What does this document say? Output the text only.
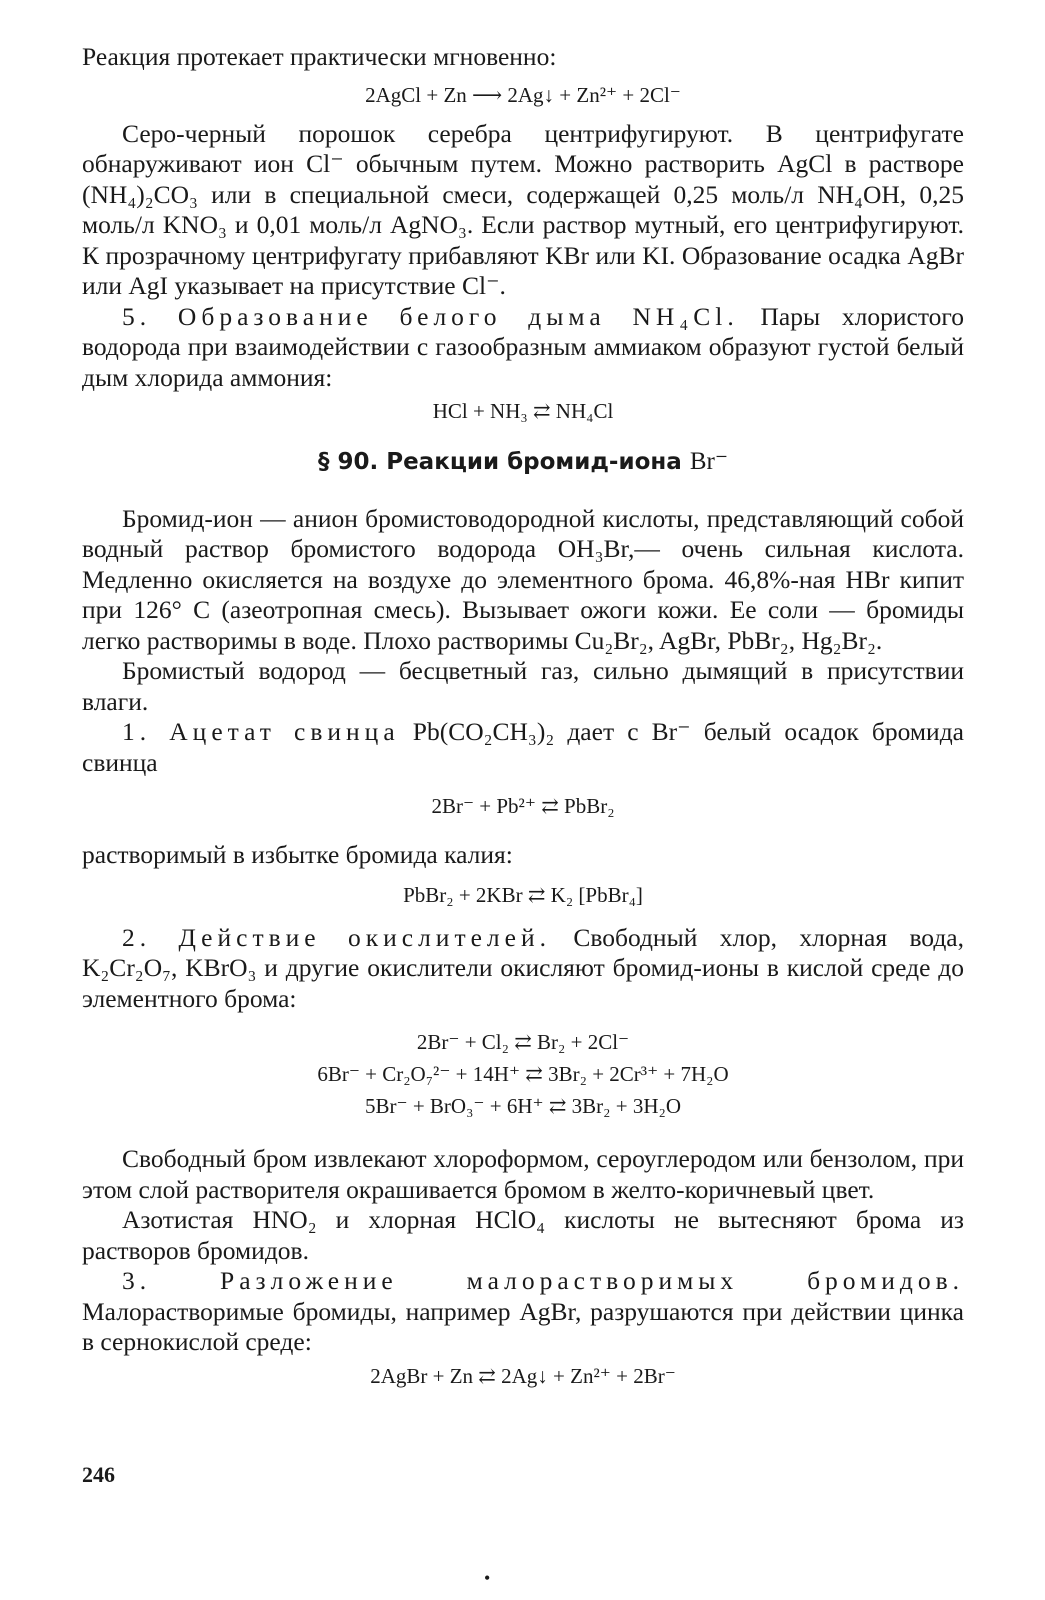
Реакция протекает практически мгновенно:

2AgCl + Zn ⟶ 2Ag↓ + Zn²⁺ + 2Cl⁻

Серо-черный порошок серебра центрифугируют. В центрифугате обнаруживают ион Cl⁻ обычным путем. Можно растворить AgCl в растворе (NH₄)₂CO₃ или в специальной смеси, содержащей 0,25 моль/л NH₄OH, 0,25 моль/л KNO₃ и 0,01 моль/л AgNO₃. Если раствор мутный, его центрифугируют. К прозрачному центрифугату прибавляют KBr или KI. Образование осадка AgBr или AgI указывает на присутствие Cl⁻.

5. Образование белого дыма NH₄Cl. Пары хлористого водорода при взаимодействии с газообразным аммиаком образуют густой белый дым хлорида аммония:

HCl + NH₃ ⇄ NH₄Cl
§ 90. Реакции бромид-иона Br⁻

Бромид-ион — анион бромистоводородной кислоты, представляющий собой водный раствор бромистого водорода OH₃Br,— очень сильная кислота. Медленно окисляется на воздухе до элементного брома. 46,8%-ная HBr кипит при 126° C (азеотропная смесь). Вызывает ожоги кожи. Ее соли — бромиды легко растворимы в воде. Плохо растворимы Cu₂Br₂, AgBr, PbBr₂, Hg₂Br₂.

Бромистый водород — бесцветный газ, сильно дымящий в присутствии влаги.

1. Ацетат свинца Pb(CO₂CH₃)₂ дает с Br⁻ белый осадок бромида свинца

2Br⁻ + Pb²⁺ ⇄ PbBr₂

растворимый в избытке бромида калия:

PbBr₂ + 2KBr ⇄ K₂ [PbBr₄]

2. Действие окислителей. Свободный хлор, хлорная вода, K₂Cr₂O₇, KBrO₃ и другие окислители окисляют бромид-ионы в кислой среде до элементного брома:

2Br⁻ + Cl₂ ⇄ Br₂ + 2Cl⁻
6Br⁻ + Cr₂O₇²⁻ + 14H⁺ ⇄ 3Br₂ + 2Cr³⁺ + 7H₂O
5Br⁻ + BrO₃⁻ + 6H⁺ ⇄ 3Br₂ + 3H₂O

Свободный бром извлекают хлороформом, сероуглеродом или бензолом, при этом слой растворителя окрашивается бромом в желто-коричневый цвет.

Азотистая HNO₂ и хлорная HClO₄ кислоты не вытесняют брома из растворов бромидов.

3. Разложение малорастворимых бромидов. Малорастворимые бромиды, например AgBr, разрушаются при действии цинка в сернокислой среде:

2AgBr + Zn ⇄ 2Ag↓ + Zn²⁺ + 2Br⁻
246
•
